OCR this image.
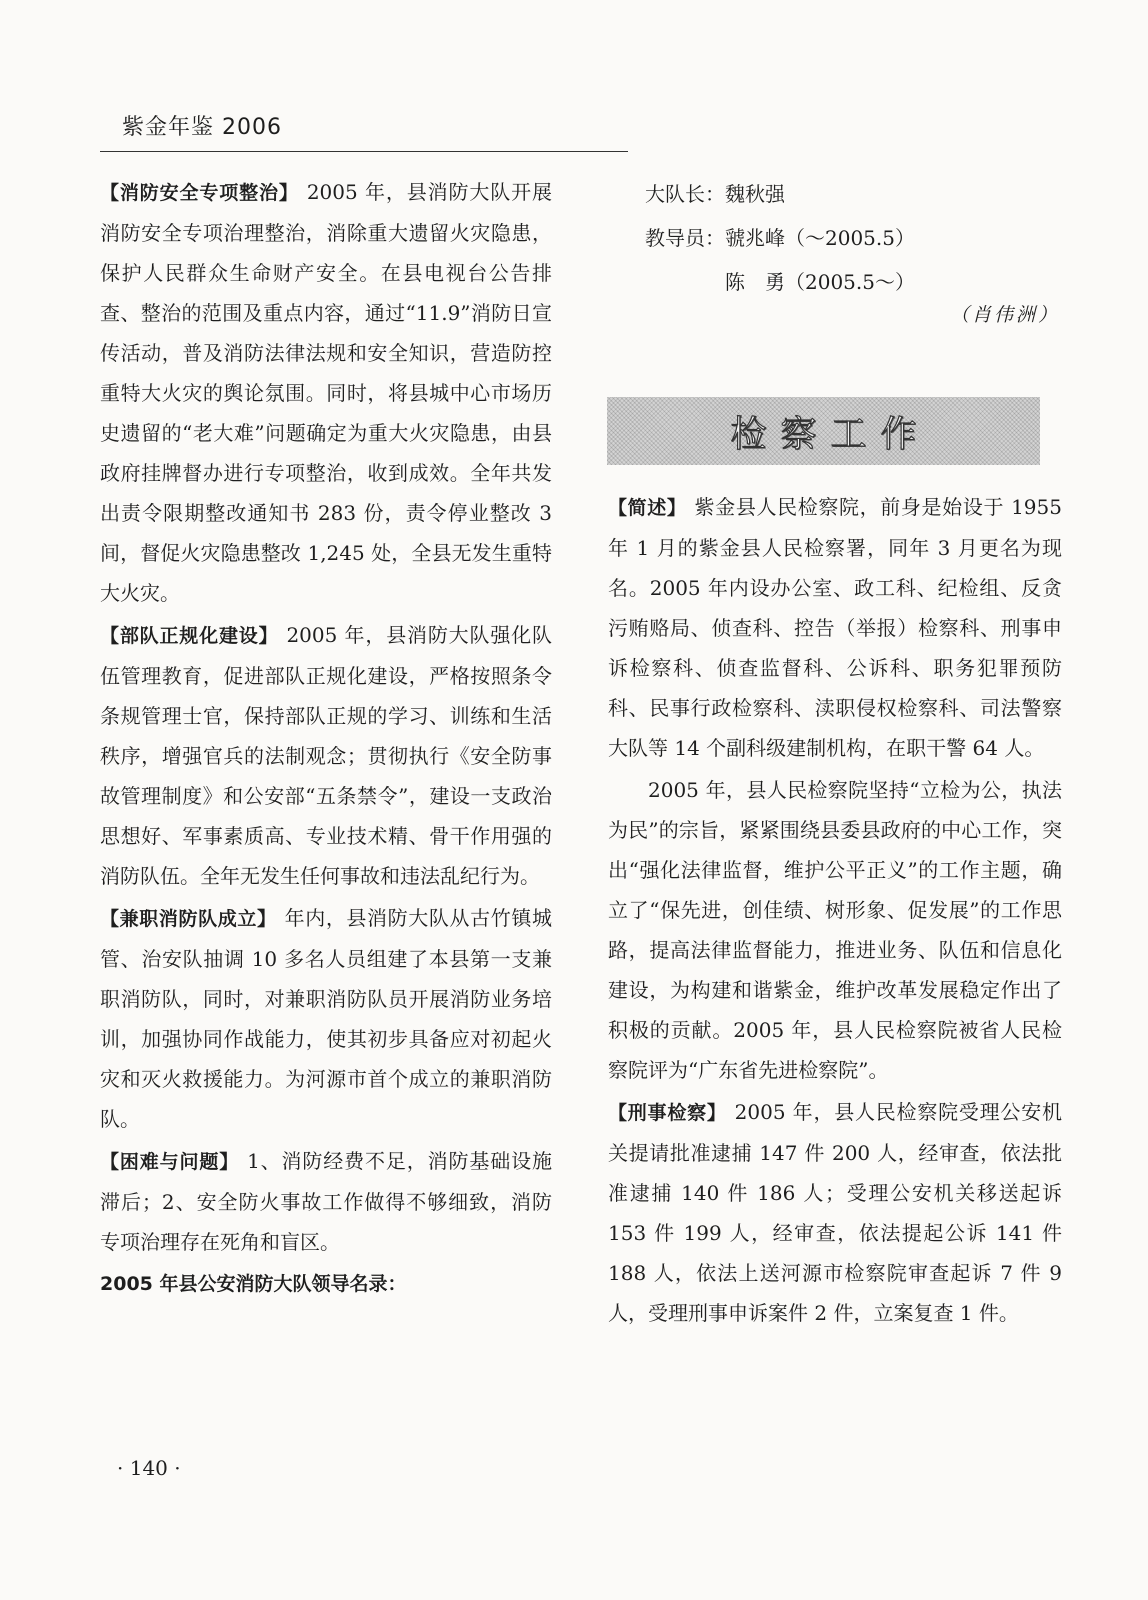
紫金年鉴 2006

【消防安全专项整治】 2005 年，县消防大队开展消防安全专项治理整治，消除重大遗留火灾隐患，保护人民群众生命财产安全。在县电视台公告排查、整治的范围及重点内容，通过“11.9”消防日宣传活动，普及消防法律法规和安全知识，营造防控重特大火灾的舆论氛围。同时，将县城中心市场历史遗留的“老大难”问题确定为重大火灾隐患，由县政府挂牌督办进行专项整治，收到成效。全年共发出责令限期整改通知书 283 份，责令停业整改 3 间，督促火灾隐患整改 1,245 处，全县无发生重特大火灾。

【部队正规化建设】 2005 年，县消防大队强化队伍管理教育，促进部队正规化建设，严格按照条令条规管理士官，保持部队正规的学习、训练和生活秩序，增强官兵的法制观念；贯彻执行《安全防事故管理制度》和公安部“五条禁令”，建设一支政治思想好、军事素质高、专业技术精、骨干作用强的消防队伍。全年无发生任何事故和违法乱纪行为。

【兼职消防队成立】 年内，县消防大队从古竹镇城管、治安队抽调 10 多名人员组建了本县第一支兼职消防队，同时，对兼职消防队员开展消防业务培训，加强协同作战能力，使其初步具备应对初起火灾和灭火救援能力。为河源市首个成立的兼职消防队。

【困难与问题】 1、消防经费不足，消防基础设施滞后；2、安全防火事故工作做得不够细致，消防专项治理存在死角和盲区。

2005 年县公安消防大队领导名录：

大队长：魏秋强
教导员：虢兆峰（～2005.5）
陈　勇（2005.5～）
（肖伟洲）
检察工作

【简述】 紫金县人民检察院，前身是始设于 1955 年 1 月的紫金县人民检察署，同年 3 月更名为现名。2005 年内设办公室、政工科、纪检组、反贪污贿赂局、侦查科、控告（举报）检察科、刑事申诉检察科、侦查监督科、公诉科、职务犯罪预防科、民事行政检察科、渎职侵权检察科、司法警察大队等 14 个副科级建制机构，在职干警 64 人。

2005 年，县人民检察院坚持“立检为公，执法为民”的宗旨，紧紧围绕县委县政府的中心工作，突出“强化法律监督，维护公平正义”的工作主题，确立了“保先进，创佳绩、树形象、促发展”的工作思路，提高法律监督能力，推进业务、队伍和信息化建设，为构建和谐紫金，维护改革发展稳定作出了积极的贡献。2005 年，县人民检察院被省人民检察院评为“广东省先进检察院”。

【刑事检察】 2005 年，县人民检察院受理公安机关提请批准逮捕 147 件 200 人，经审查，依法批准逮捕 140 件 186 人；受理公安机关移送起诉 153 件 199 人，经审查，依法提起公诉 141 件 188 人，依法上送河源市检察院审查起诉 7 件 9 人，受理刑事申诉案件 2 件，立案复查 1 件。

· 140 ·
